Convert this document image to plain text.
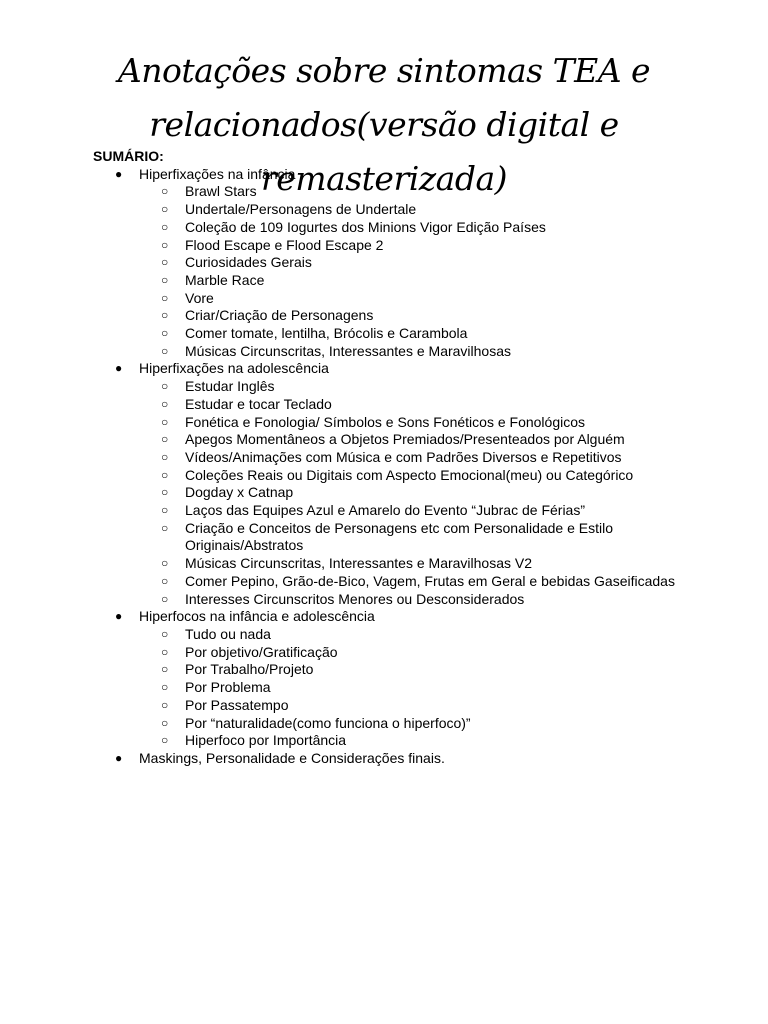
Anotações sobre sintomas TEA e relacionados(versão digital e remasterizada)

SUMÁRIO:

● Hiperfixações na infância
○ Brawl Stars
○ Undertale/Personagens de Undertale
○ Coleção de 109 Iogurtes dos Minions Vigor Edição Países
○ Flood Escape e Flood Escape 2
○ Curiosidades Gerais
○ Marble Race
○ Vore
○ Criar/Criação de Personagens
○ Comer tomate, lentilha, Brócolis e Carambola
○ Músicas Circunscritas, Interessantes e Maravilhosas
● Hiperfixações na adolescência
○ Estudar Inglês
○ Estudar e tocar Teclado
○ Fonética e Fonologia/ Símbolos e Sons Fonéticos e Fonológicos
○ Apegos Momentâneos a Objetos Premiados/Presenteados por Alguém
○ Vídeos/Animações com Música e com Padrões Diversos e Repetitivos
○ Coleções Reais ou Digitais com Aspecto Emocional(meu) ou Categórico
○ Dogday x Catnap
○ Laços das Equipes Azul e Amarelo do Evento “Jubrac de Férias”
○ Criação e Conceitos de Personagens etc com Personalidade e Estilo Originais/Abstratos
○ Músicas Circunscritas, Interessantes e Maravilhosas V2
○ Comer Pepino, Grão-de-Bico, Vagem, Frutas em Geral e bebidas Gaseificadas
○ Interesses Circunscritos Menores ou Desconsiderados
● Hiperfocos na infância e adolescência
○ Tudo ou nada
○ Por objetivo/Gratificação
○ Por Trabalho/Projeto
○ Por Problema
○ Por Passatempo
○ Por “naturalidade(como funciona o hiperfoco)”
○ Hiperfoco por Importância
● Maskings, Personalidade e Considerações finais.
